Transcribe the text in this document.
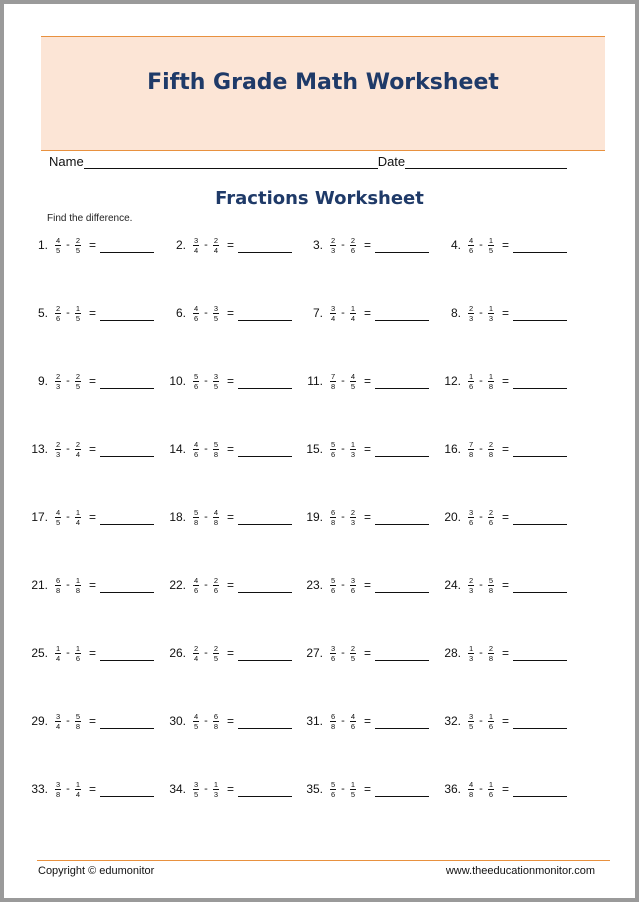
Fifth Grade Math Worksheet
Name	Date
Fractions Worksheet
Find the difference.
1. $\frac{4}{5} - \frac{2}{5}$ =	2. $\frac{3}{4} - \frac{2}{4}$ =	3. $\frac{2}{3} - \frac{2}{6}$ =	4. $\frac{4}{6} - \frac{1}{5}$ =
5. $\frac{2}{6} - \frac{1}{5}$ =	6. $\frac{4}{6} - \frac{3}{5}$ =	7. $\frac{3}{4} - \frac{1}{4}$ =	8. $\frac{2}{3} - \frac{1}{3}$ =
9. $\frac{2}{3} - \frac{2}{5}$ =	10. $\frac{5}{6} - \frac{3}{5}$ =	11. $\frac{7}{8} - \frac{4}{5}$ =	12. $\frac{1}{6} - \frac{1}{8}$ =
13. $\frac{2}{3} - \frac{2}{4}$ =	14. $\frac{4}{6} - \frac{5}{8}$ =	15. $\frac{5}{6} - \frac{1}{3}$ =	16. $\frac{7}{8} - \frac{2}{8}$ =
17. $\frac{4}{5} - \frac{1}{4}$ =	18. $\frac{5}{8} - \frac{4}{8}$ =	19. $\frac{6}{8} - \frac{2}{3}$ =	20. $\frac{3}{6} - \frac{2}{6}$ =
21. $\frac{6}{8} - \frac{1}{8}$ =	22. $\frac{4}{6} - \frac{2}{6}$ =	23. $\frac{5}{6} - \frac{3}{6}$ =	24. $\frac{2}{3} - \frac{5}{8}$ =
25. $\frac{1}{4} - \frac{1}{6}$ =	26. $\frac{2}{4} - \frac{2}{5}$ =	27. $\frac{3}{6} - \frac{2}{5}$ =	28. $\frac{1}{3} - \frac{2}{8}$ =
29. $\frac{3}{4} - \frac{5}{8}$ =	30. $\frac{4}{5} - \frac{6}{8}$ =	31. $\frac{6}{8} - \frac{4}{6}$ =	32. $\frac{3}{5} - \frac{1}{6}$ =
33. $\frac{3}{8} - \frac{1}{4}$ =	34. $\frac{3}{5} - \frac{1}{3}$ =	35. $\frac{5}{6} - \frac{1}{5}$ =	36. $\frac{4}{8} - \frac{1}{6}$ =
Copyright © edumonitor	www.theeducationmonitor.com
